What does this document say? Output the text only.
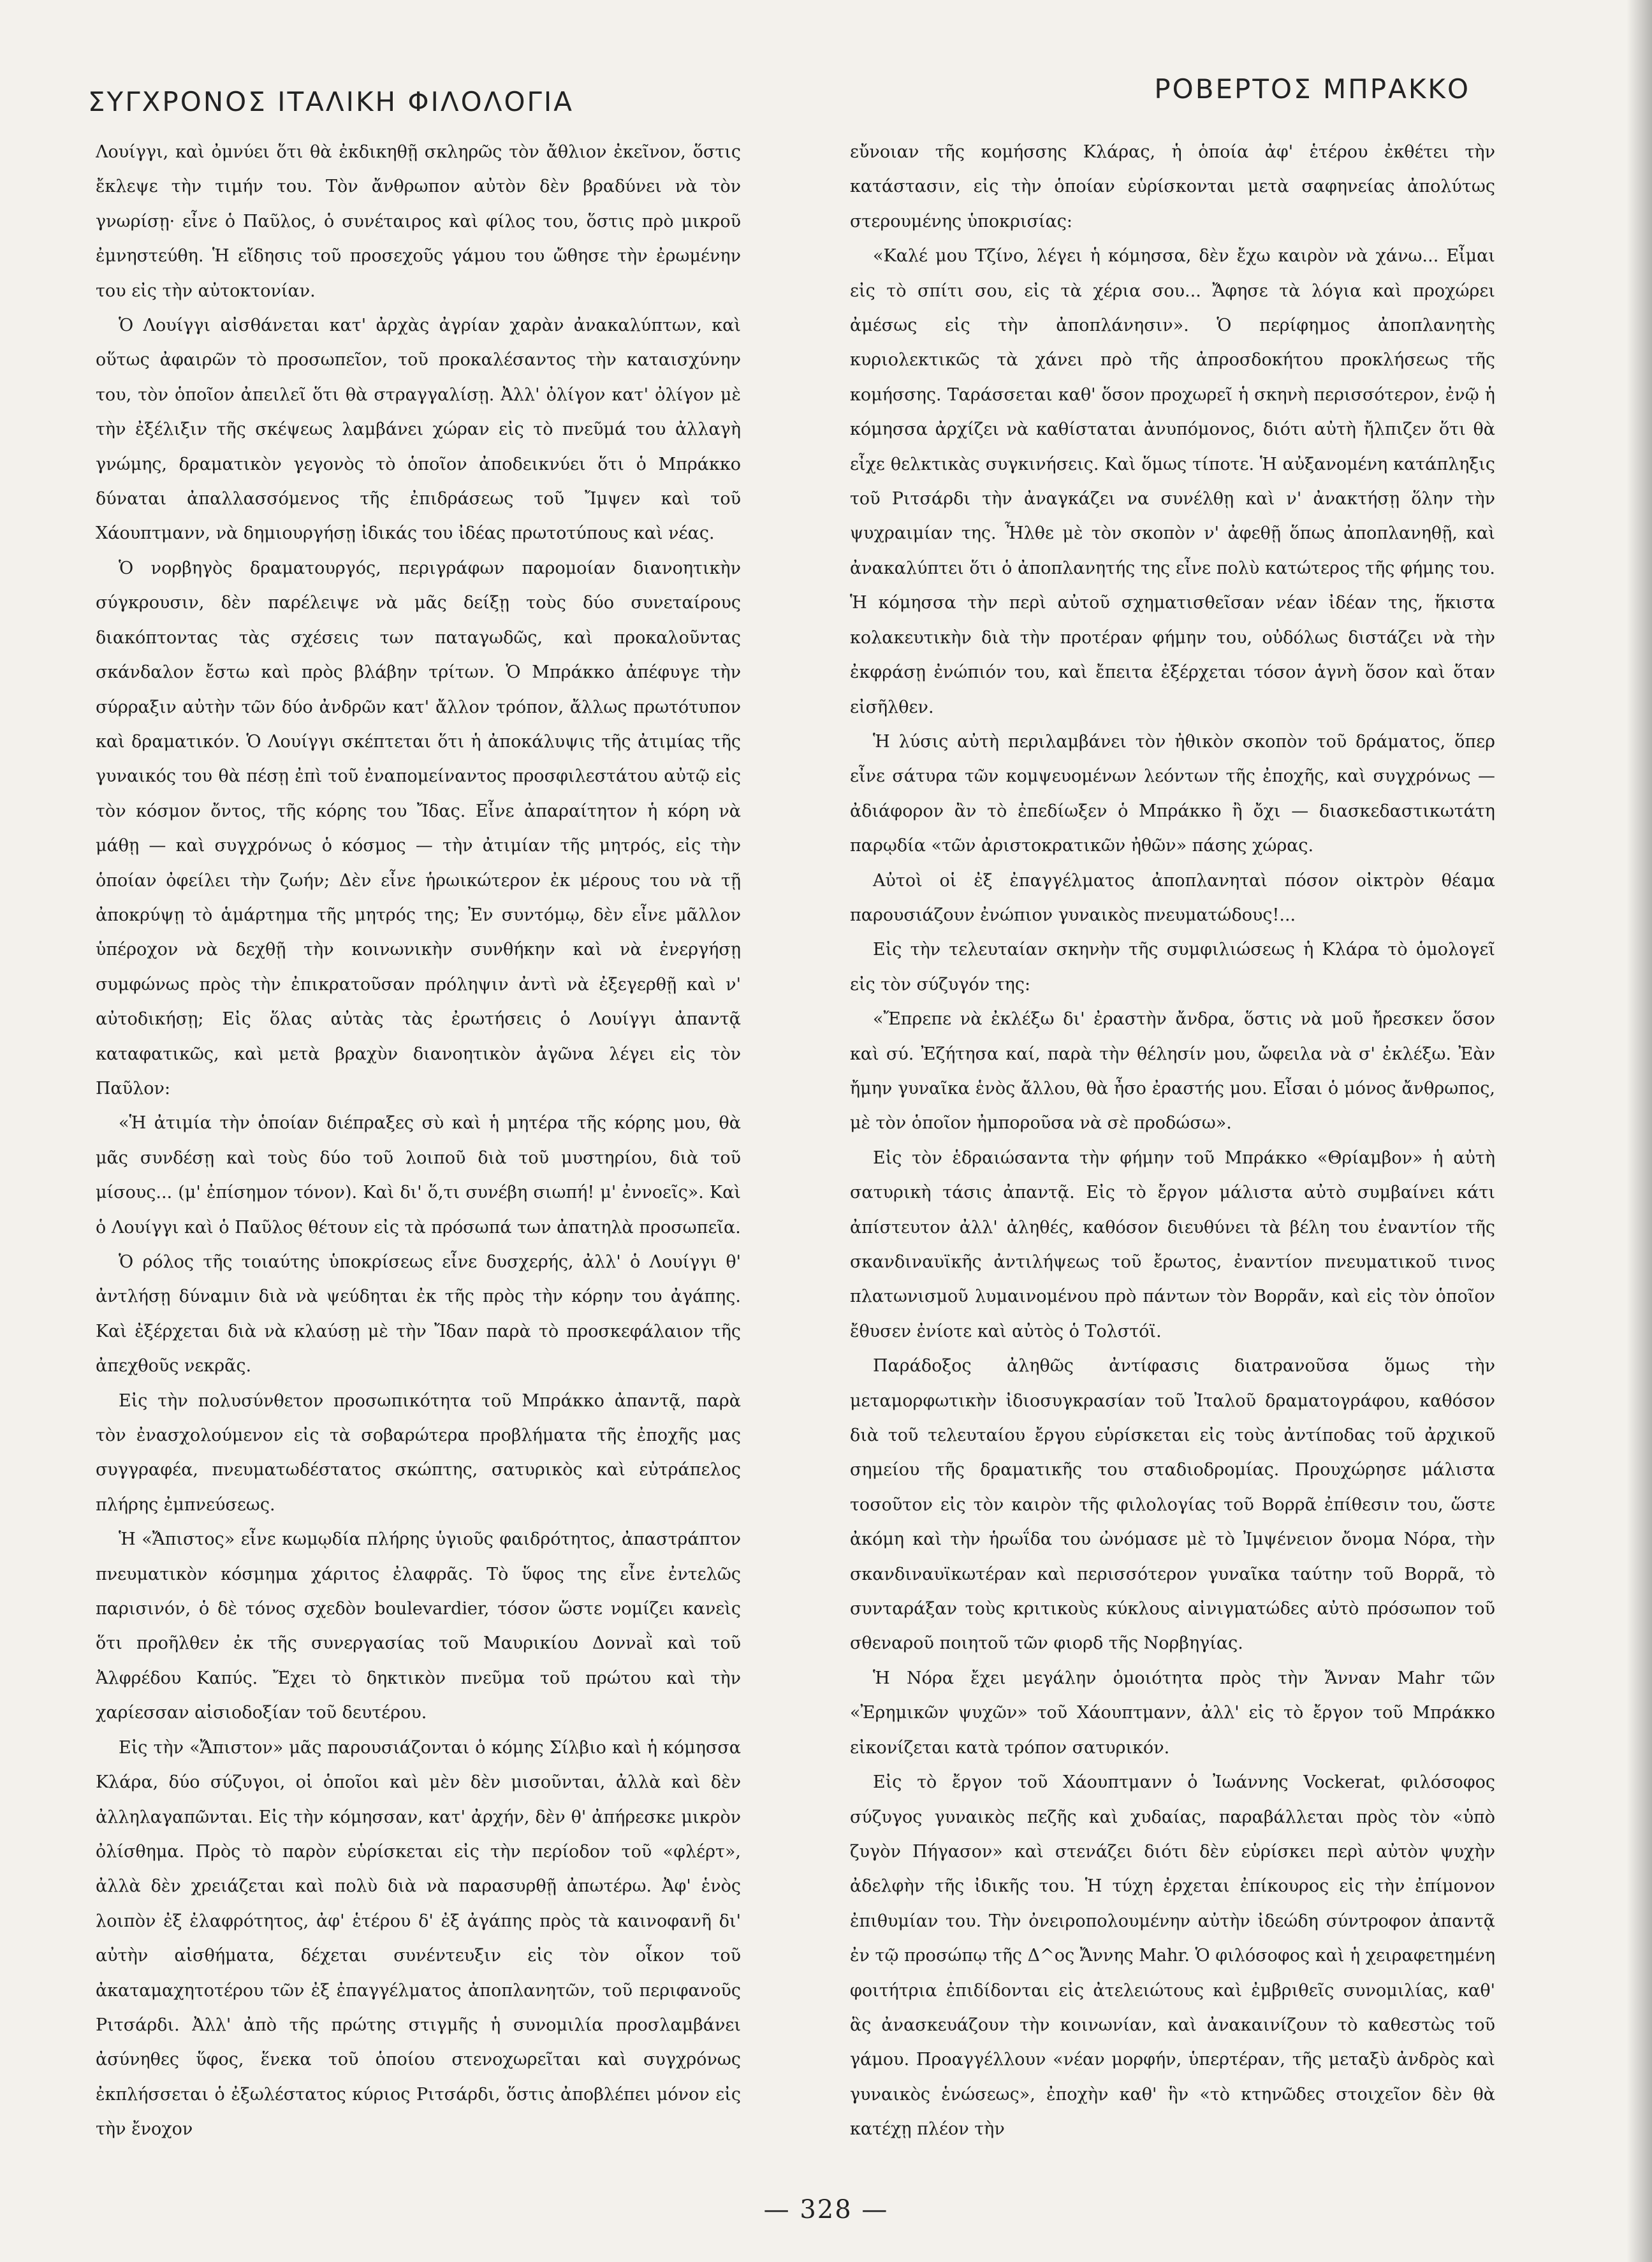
ΣΥΓΧΡΟΝΟΣ ΙΤΑΛΙΚΗ ΦΙΛΟΛΟΓΙΑ	ΡΟΒΕΡΤΟΣ ΜΠΡΑΚΚΟ

Λουίγγι, καὶ ὀμνύει ὅτι θὰ ἐκδικηθῇ σκληρῶς τὸν ἄθλιον ἐκεῖνον, ὅστις ἔκλεψε τὴν τιμήν του. Τὸν ἄνθρωπον αὐτὸν δὲν βραδύνει νὰ τὸν γνωρίσῃ· εἶνε ὁ Παῦλος, ὁ συνέταιρος καὶ φίλος του, ὅστις πρὸ μικροῦ ἐμνηστεύθη. Ἡ εἴδησις τοῦ προσεχοῦς γάμου του ὤθησε τὴν ἐρωμένην του εἰς τὴν αὐτοκτονίαν.

Ὁ Λουίγγι αἰσθάνεται κατ' ἀρχὰς ἀγρίαν χαρὰν ἀνακαλύπτων, καὶ οὕτως ἀφαιρῶν τὸ προσωπεῖον, τοῦ προκαλέσαντος τὴν καταισχύνην του, τὸν ὁποῖον ἀπειλεῖ ὅτι θὰ στραγγαλίσῃ. Ἀλλ' ὀλίγον κατ' ὀλίγον μὲ τὴν ἐξέλιξιν τῆς σκέψεως λαμβάνει χώραν εἰς τὸ πνεῦμά του ἀλλαγὴ γνώμης, δραματικὸν γεγονὸς τὸ ὁποῖον ἀποδεικνύει ὅτι ὁ Μπράκκο δύναται ἀπαλλασσόμενος τῆς ἐπιδράσεως τοῦ Ἴμψεν καὶ τοῦ Χάουπτμανν, νὰ δημιουργήσῃ ἰδικάς του ἰδέας πρωτοτύπους καὶ νέας.

Ὁ νορβηγὸς δραματουργός, περιγράφων παρομοίαν διανοητικὴν σύγκρουσιν, δὲν παρέλειψε νὰ μᾶς δείξῃ τοὺς δύο συνεταίρους διακόπτοντας τὰς σχέσεις των παταγωδῶς, καὶ προκαλοῦντας σκάνδαλον ἔστω καὶ πρὸς βλάβην τρίτων. Ὁ Μπράκκο ἀπέφυγε τὴν σύρραξιν αὐτὴν τῶν δύο ἀνδρῶν κατ' ἄλλον τρόπον, ἄλλως πρωτότυπον καὶ δραματικόν. Ὁ Λουίγγι σκέπτεται ὅτι ἡ ἀποκάλυψις τῆς ἀτιμίας τῆς γυναικός του θὰ πέσῃ ἐπὶ τοῦ ἐναπομείναντος προσφιλεστάτου αὐτῷ εἰς τὸν κόσμον ὄντος, τῆς κόρης του Ἴδας. Εἶνε ἀπαραίτητον ἡ κόρη νὰ μάθῃ — καὶ συγχρόνως ὁ κόσμος — τὴν ἀτιμίαν τῆς μητρός, εἰς τὴν ὁποίαν ὀφείλει τὴν ζωήν; Δὲν εἶνε ἡρωικώτερον ἐκ μέρους του νὰ τῇ ἀποκρύψῃ τὸ ἁμάρτημα τῆς μητρός της; Ἐν συντόμῳ, δὲν εἶνε μᾶλλον ὑπέροχον νὰ δεχθῇ τὴν κοινωνικὴν συνθήκην καὶ νὰ ἐνεργήσῃ συμφώνως πρὸς τὴν ἐπικρατοῦσαν πρόληψιν ἀντὶ νὰ ἐξεγερθῇ καὶ ν' αὐτοδικήσῃ; Εἰς ὅλας αὐτὰς τὰς ἐρωτήσεις ὁ Λουίγγι ἀπαντᾷ καταφατικῶς, καὶ μετὰ βραχὺν διανοητικὸν ἀγῶνα λέγει εἰς τὸν Παῦλον:

«Ἡ ἀτιμία τὴν ὁποίαν διέπραξες σὺ καὶ ἡ μητέρα τῆς κόρης μου, θὰ μᾶς συνδέσῃ καὶ τοὺς δύο τοῦ λοιποῦ διὰ τοῦ μυστηρίου, διὰ τοῦ μίσους... (μ' ἐπίσημον τόνον). Καὶ δι' ὅ,τι συνέβη σιωπή! μ' ἐννοεῖς». Καὶ ὁ Λουίγγι καὶ ὁ Παῦλος θέτουν εἰς τὰ πρόσωπά των ἀπατηλὰ προσωπεῖα.

Ὁ ρόλος τῆς τοιαύτης ὑποκρίσεως εἶνε δυσχερής, ἀλλ' ὁ Λουίγγι θ' ἀντλήσῃ δύναμιν διὰ νὰ ψεύδηται ἐκ τῆς πρὸς τὴν κόρην του ἀγάπης. Καὶ ἐξέρχεται διὰ νὰ κλαύσῃ μὲ τὴν Ἴδαν παρὰ τὸ προσκεφάλαιον τῆς ἀπεχθοῦς νεκρᾶς.

Εἰς τὴν πολυσύνθετον προσωπικότητα τοῦ Μπράκκο ἀπαντᾷ, παρὰ τὸν ἐνασχολούμενον εἰς τὰ σοβαρώτερα προβλήματα τῆς ἐποχῆς μας συγγραφέα, πνευματωδέστατος σκώπτης, σατυρικὸς καὶ εὐτράπελος πλήρης ἐμπνεύσεως.

Ἡ «Ἄπιστος» εἶνε κωμῳδία πλήρης ὑγιοῦς φαιδρότητος, ἀπαστράπτον πνευματικὸν κόσμημα χάριτος ἐλαφρᾶς. Τὸ ὕφος της εἶνε ἐντελῶς παρισινόν, ὁ δὲ τόνος σχεδὸν boulevardier, τόσον ὥστε νομίζει κανεὶς ὅτι προῆλθεν ἐκ τῆς συνεργασίας τοῦ Μαυρικίου Δοννaῒ καὶ τοῦ Ἀλφρέδου Καπύς. Ἔχει τὸ δηκτικὸν πνεῦμα τοῦ πρώτου καὶ τὴν χαρίεσσαν αἰσιοδοξίαν τοῦ δευτέρου.

Εἰς τὴν «Ἄπιστον» μᾶς παρουσιάζονται ὁ κόμης Σίλβιο καὶ ἡ κόμησσα Κλάρα, δύο σύζυγοι, οἱ ὁποῖοι καὶ μὲν δὲν μισοῦνται, ἀλλὰ καὶ δὲν ἀλληλαγαπῶνται. Εἰς τὴν κόμησσαν, κατ' ἀρχήν, δὲν θ' ἀπήρεσκε μικρὸν ὀλίσθημα. Πρὸς τὸ παρὸν εὑρίσκεται εἰς τὴν περίοδον τοῦ «φλέρτ», ἀλλὰ δὲν χρειάζεται καὶ πολὺ διὰ νὰ παρασυρθῇ ἀπωτέρω. Ἀφ' ἑνὸς λοιπὸν ἐξ ἐλαφρότητος, ἀφ' ἑτέρου δ' ἐξ ἀγάπης πρὸς τὰ καινοφανῆ δι' αὐτὴν αἰσθήματα, δέχεται συνέντευξιν εἰς τὸν οἶκον τοῦ ἀκαταμαχητοτέρου τῶν ἐξ ἐπαγγέλματος ἀποπλανητῶν, τοῦ περιφανοῦς Ριτσάρδι. Ἀλλ' ἀπὸ τῆς πρώτης στιγμῆς ἡ συνομιλία προσλαμβάνει ἀσύνηθες ὕφος, ἕνεκα τοῦ ὁποίου στενοχωρεῖται καὶ συγχρόνως ἐκπλήσσεται ὁ ἐξωλέστατος κύριος Ριτσάρδι, ὅστις ἀποβλέπει μόνον εἰς τὴν ἔνοχον

εὔνοιαν τῆς κομήσσης Κλάρας, ἡ ὁποία ἀφ' ἑτέρου ἐκθέτει τὴν κατάστασιν, εἰς τὴν ὁποίαν εὑρίσκονται μετὰ σαφηνείας ἀπολύτως στερουμένης ὑποκρισίας:

«Καλέ μου Τζίνο, λέγει ἡ κόμησσα, δὲν ἔχω καιρὸν νὰ χάνω... Εἶμαι εἰς τὸ σπίτι σου, εἰς τὰ χέρια σου... Ἄφησε τὰ λόγια καὶ προχώρει ἀμέσως εἰς τὴν ἀποπλάνησιν». Ὁ περίφημος ἀποπλανητὴς κυριολεκτικῶς τὰ χάνει πρὸ τῆς ἀπροσδοκήτου προκλήσεως τῆς κομήσσης. Ταράσσεται καθ' ὅσον προχωρεῖ ἡ σκηνὴ περισσότερον, ἐνῷ ἡ κόμησσα ἀρχίζει νὰ καθίσταται ἀνυπόμονος, διότι αὐτὴ ἤλπιζεν ὅτι θὰ εἶχε θελκτικὰς συγκινήσεις. Καὶ ὅμως τίποτε. Ἡ αὐξανομένη κατάπληξις τοῦ Ριτσάρδι τὴν ἀναγκάζει να συνέλθῃ καὶ ν' ἀνακτήσῃ ὅλην τὴν ψυχραιμίαν της. Ἦλθε μὲ τὸν σκοπὸν ν' ἀφεθῇ ὅπως ἀποπλανηθῇ, καὶ ἀνακαλύπτει ὅτι ὁ ἀποπλανητής της εἶνε πολὺ κατώτερος τῆς φήμης του. Ἡ κόμησσα τὴν περὶ αὐτοῦ σχηματισθεῖσαν νέαν ἰδέαν της, ἥκιστα κολακευτικὴν διὰ τὴν προτέραν φήμην του, οὐδόλως διστάζει νὰ τὴν ἐκφράσῃ ἐνώπιόν του, καὶ ἔπειτα ἐξέρχεται τόσον ἁγνὴ ὅσον καὶ ὅταν εἰσῆλθεν.

Ἡ λύσις αὐτὴ περιλαμβάνει τὸν ἠθικὸν σκοπὸν τοῦ δράματος, ὅπερ εἶνε σάτυρα τῶν κομψευομένων λεόντων τῆς ἐποχῆς, καὶ συγχρόνως — ἀδιάφορον ἂν τὸ ἐπεδίωξεν ὁ Μπράκκο ἢ ὄχι — διασκεδαστικωτάτη παρῳδία «τῶν ἀριστοκρατικῶν ἠθῶν» πάσης χώρας.

Αὐτοὶ οἱ ἐξ ἐπαγγέλματος ἀποπλανηταὶ πόσον οἰκτρὸν θέαμα παρουσιάζουν ἐνώπιον γυναικὸς πνευματώδους!...

Εἰς τὴν τελευταίαν σκηνὴν τῆς συμφιλιώσεως ἡ Κλάρα τὸ ὁμολογεῖ εἰς τὸν σύζυγόν της:

«Ἔπρεπε νὰ ἐκλέξω δι' ἐραστὴν ἄνδρα, ὅστις νὰ μοῦ ἤρεσκεν ὅσον καὶ σύ. Ἐζήτησα καί, παρὰ τὴν θέλησίν μου, ὤφειλα νὰ σ' ἐκλέξω. Ἐὰν ἤμην γυναῖκα ἑνὸς ἄλλου, θὰ ἦσο ἐραστής μου. Εἶσαι ὁ μόνος ἄνθρωπος, μὲ τὸν ὁποῖον ἠμποροῦσα νὰ σὲ προδώσω».

Εἰς τὸν ἑδραιώσαντα τὴν φήμην τοῦ Μπράκκο «Θρίαμβον» ἡ αὐτὴ σατυρικὴ τάσις ἀπαντᾷ. Εἰς τὸ ἔργον μάλιστα αὐτὸ συμβαίνει κάτι ἀπίστευτον ἀλλ' ἀληθές, καθόσον διευθύνει τὰ βέλη του ἐναντίον τῆς σκανδιναυϊκῆς ἀντιλήψεως τοῦ ἔρωτος, ἐναντίον πνευματικοῦ τινος πλατωνισμοῦ λυμαινομένου πρὸ πάντων τὸν Βορρᾶν, καὶ εἰς τὸν ὁποῖον ἔθυσεν ἐνίοτε καὶ αὐτὸς ὁ Τολστόϊ.

Παράδοξος ἀληθῶς ἀντίφασις διατρανοῦσα ὅμως τὴν μεταμορφωτικὴν ἰδιοσυγκρασίαν τοῦ Ἰταλοῦ δραματογράφου, καθόσον διὰ τοῦ τελευταίου ἔργου εὑρίσκεται εἰς τοὺς ἀντίποδας τοῦ ἀρχικοῦ σημείου τῆς δραματικῆς του σταδιοδρομίας. Προυχώρησε μάλιστα τοσοῦτον εἰς τὸν καιρὸν τῆς φιλολογίας τοῦ Βορρᾶ ἐπίθεσιν του, ὥστε ἀκόμη καὶ τὴν ἡρωΐδα του ὠνόμασε μὲ τὸ Ἰμψένειον ὄνομα Νόρα, τὴν σκανδιναυϊκωτέραν καὶ περισσότερον γυναῖκα ταύτην τοῦ Βορρᾶ, τὸ συνταράξαν τοὺς κριτικοὺς κύκλους αἰνιγματώδες αὐτὸ πρόσωπον τοῦ σθεναροῦ ποιητοῦ τῶν φιορδ τῆς Νορβηγίας.

Ἡ Νόρα ἔχει μεγάλην ὁμοιότητα πρὸς τὴν Ἄνναν Mahr τῶν «Ἐρημικῶν ψυχῶν» τοῦ Χάουπτμανν, ἀλλ' εἰς τὸ ἔργον τοῦ Μπράκκο εἰκονίζεται κατὰ τρόπον σατυρικόν.

Εἰς τὸ ἔργον τοῦ Χάουπτμανν ὁ Ἰωάννης Vockerat, φιλόσοφος σύζυγος γυναικὸς πεζῆς καὶ χυδαίας, παραβάλλεται πρὸς τὸν «ὑπὸ ζυγὸν Πήγασον» καὶ στενάζει διότι δὲν εὑρίσκει περὶ αὐτὸν ψυχὴν ἀδελφὴν τῆς ἰδικῆς του. Ἡ τύχη ἐρχεται ἐπίκουρος εἰς τὴν ἐπίμονον ἐπιθυμίαν του. Τὴν ὀνειροπολουμένην αὐτὴν ἰδεώδη σύντροφον ἀπαντᾷ ἐν τῷ προσώπῳ τῆς Δ^ος Ἄννης Mahr. Ὁ φιλόσοφος καὶ ἡ χειραφετημένη φοιτήτρια ἐπιδίδονται εἰς ἀτελειώτους καὶ ἐμβριθεῖς συνομιλίας, καθ' ἃς ἀνασκευάζουν τὴν κοινωνίαν, καὶ ἀνακαινίζουν τὸ καθεστὼς τοῦ γάμου. Προαγγέλλουν «νέαν μορφήν, ὑπερτέραν, τῆς μεταξὺ ἀνδρὸς καὶ γυναικὸς ἑνώσεως», ἐποχὴν καθ' ἣν «τὸ κτηνῶδες στοιχεῖον δὲν θὰ κατέχῃ πλέον τὴν

— 328 —
